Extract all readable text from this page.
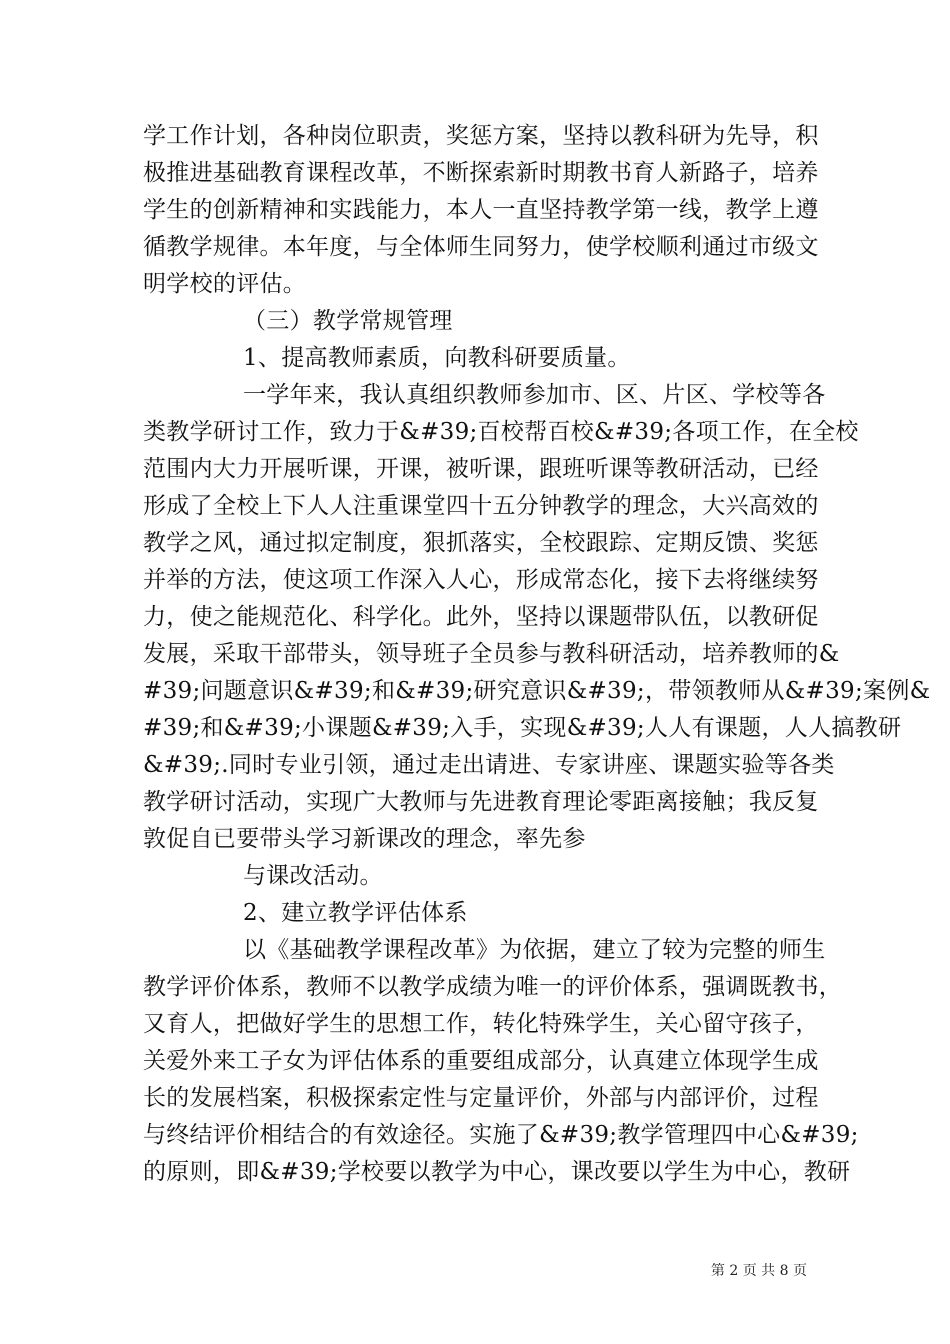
学工作计划，各种岗位职责，奖惩方案，坚持以教科研为先导，积
极推进基础教育课程改革，不断探索新时期教书育人新路子，培养
学生的创新精神和实践能力，本人一直坚持教学第一线，教学上遵
循教学规律。本年度，与全体师生同努力，使学校顺利通过市级文
明学校的评估。
（三）教学常规管理
1、提高教师素质，向教科研要质量。
一学年来，我认真组织教师参加市、区、片区、学校等各
类教学研讨工作，致力于&#39;百校帮百校&#39;各项工作，在全校
范围内大力开展听课，开课，被听课，跟班听课等教研活动，已经
形成了全校上下人人注重课堂四十五分钟教学的理念，大兴高效的
教学之风，通过拟定制度，狠抓落实，全校跟踪、定期反馈、奖惩
并举的方法，使这项工作深入人心，形成常态化，接下去将继续努
力，使之能规范化、科学化。此外，坚持以课题带队伍，以教研促
发展，采取干部带头，领导班子全员参与教科研活动，培养教师的&
#39;问题意识&#39;和&#39;研究意识&#39;，带领教师从&#39;案例&
#39;和&#39;小课题&#39;入手，实现&#39;人人有课题，人人搞教研
&#39;.同时专业引领，通过走出请进、专家讲座、课题实验等各类
教学研讨活动，实现广大教师与先进教育理论零距离接触；我反复
敦促自已要带头学习新课改的理念，率先参
与课改活动。
2、建立教学评估体系
以《基础教学课程改革》为依据，建立了较为完整的师生
教学评价体系，教师不以教学成绩为唯一的评价体系，强调既教书，
又育人，把做好学生的思想工作，转化特殊学生，关心留守孩子，
关爱外来工子女为评估体系的重要组成部分，认真建立体现学生成
长的发展档案，积极探索定性与定量评价，外部与内部评价，过程
与终结评价相结合的有效途径。实施了&#39;教学管理四中心&#39;
的原则，即&#39;学校要以教学为中心，课改要以学生为中心，教研
第 2 页 共 8 页
